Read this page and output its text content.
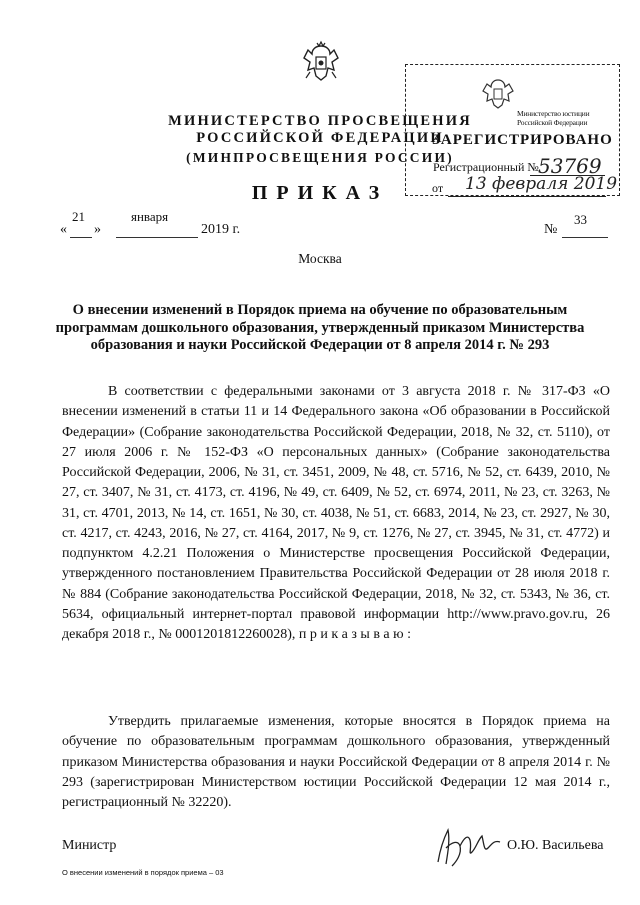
МИНИСТЕРСТВО ПРОСВЕЩЕНИЯ
РОССИЙСКОЙ ФЕДЕРАЦИИ
(МИНПРОСВЕЩЕНИЯ РОССИИ)
ПРИКАЗ
Министерство юстиции Российской Федерации
ЗАРЕГИСТРИРОВАНО
Регистрационный № 53769
от 13 февраля 2019
«
21
»
января
2019 г.	№
33
Москва
О внесении изменений в Порядок приема на обучение по образовательным программам дошкольного образования, утвержденный приказом Министерства образования и науки Российской Федерации от 8 апреля 2014 г. № 293
В соответствии с федеральными законами от 3 августа 2018 г. № 317-ФЗ «О внесении изменений в статьи 11 и 14 Федерального закона «Об образовании в Российской Федерации» (Собрание законодательства Российской Федерации, 2018, № 32, ст. 5110), от 27 июля 2006 г. № 152-ФЗ «О персональных данных» (Собрание законодательства Российской Федерации, 2006, № 31, ст. 3451, 2009, № 48, ст. 5716, № 52, ст. 6439, 2010, № 27, ст. 3407, № 31, ст. 4173, ст. 4196, № 49, ст. 6409, № 52, ст. 6974, 2011, № 23, ст. 3263, № 31, ст. 4701, 2013, № 14, ст. 1651, № 30, ст. 4038, № 51, ст. 6683, 2014, № 23, ст. 2927, № 30, ст. 4217, ст. 4243, 2016, № 27, ст. 4164, 2017, № 9, ст. 1276, № 27, ст. 3945, № 31, ст. 4772) и подпунктом 4.2.21 Положения о Министерстве просвещения Российской Федерации, утвержденного постановлением Правительства Российской Федерации от 28 июля 2018 г. № 884 (Собрание законодательства Российской Федерации, 2018, № 32, ст. 5343, № 36, ст. 5634, официальный интернет-портал правовой информации http://www.pravo.gov.ru, 26 декабря 2018 г., № 0001201812260028), п р и к а з ы в а ю :
Утвердить прилагаемые изменения, которые вносятся в Порядок приема на обучение по образовательным программам дошкольного образования, утвержденный приказом Министерства образования и науки Российской Федерации от 8 апреля 2014 г. № 293 (зарегистрирован Министерством юстиции Российской Федерации 12 мая 2014 г., регистрационный № 32220).
Министр	О.Ю. Васильева
О внесении изменений в порядок приема – 03
